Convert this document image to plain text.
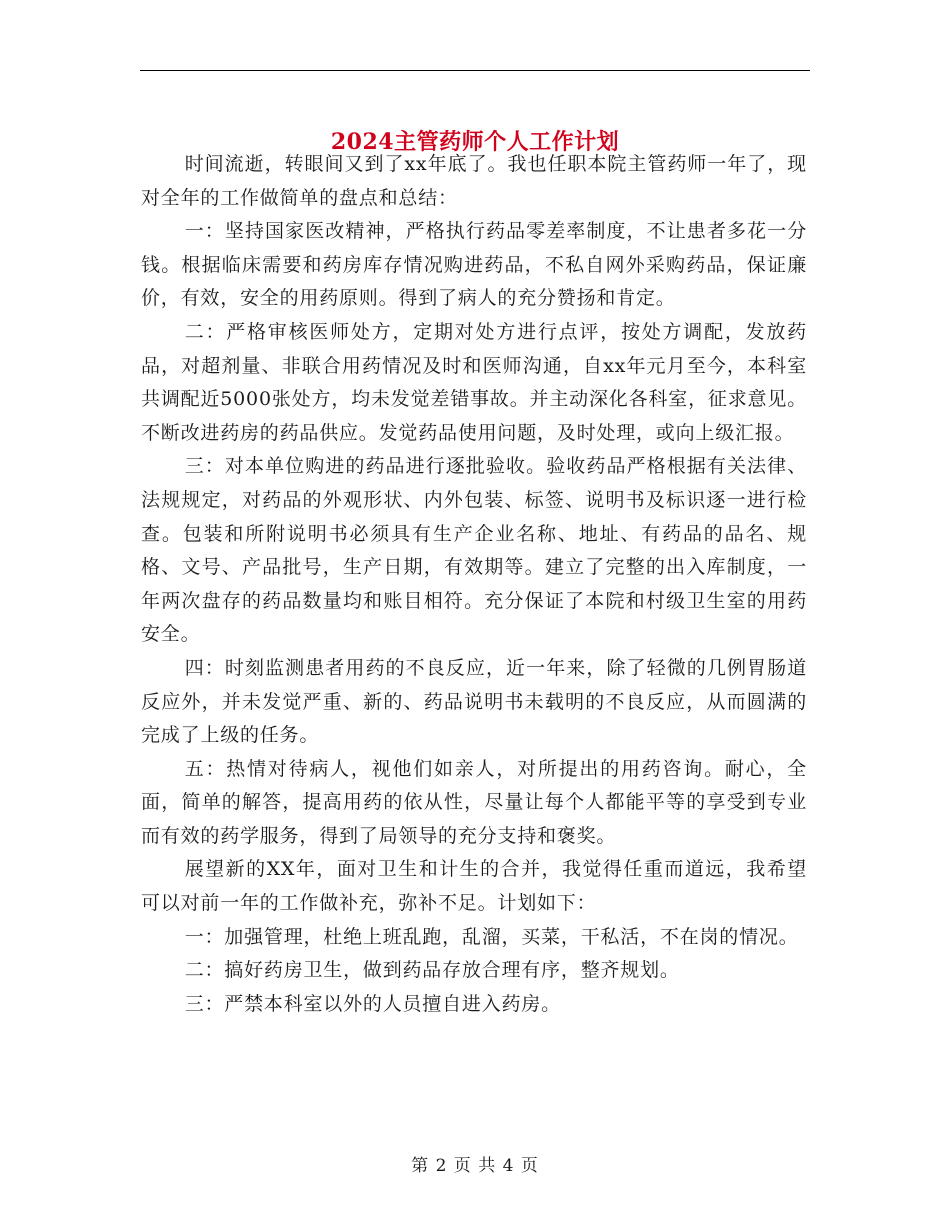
2024主管药师个人工作计划

时间流逝，转眼间又到了xx年底了。我也任职本院主管药师一年了，现对全年的工作做简单的盘点和总结：

一：坚持国家医改精神，严格执行药品零差率制度，不让患者多花一分钱。根据临床需要和药房库存情况购进药品，不私自网外采购药品，保证廉价，有效，安全的用药原则。得到了病人的充分赞扬和肯定。

二：严格审核医师处方，定期对处方进行点评，按处方调配，发放药品，对超剂量、非联合用药情况及时和医师沟通，自xx年元月至今，本科室共调配近5000张处方，均未发觉差错事故。并主动深化各科室，征求意见。不断改进药房的药品供应。发觉药品使用问题，及时处理，或向上级汇报。

三：对本单位购进的药品进行逐批验收。验收药品严格根据有关法律、法规规定，对药品的外观形状、内外包装、标签、说明书及标识逐一进行检查。包装和所附说明书必须具有生产企业名称、地址、有药品的品名、规格、文号、产品批号，生产日期，有效期等。建立了完整的出入库制度，一年两次盘存的药品数量均和账目相符。充分保证了本院和村级卫生室的用药安全。

四：时刻监测患者用药的不良反应，近一年来，除了轻微的几例胃肠道反应外，并未发觉严重、新的、药品说明书未载明的不良反应，从而圆满的完成了上级的任务。

五：热情对待病人，视他们如亲人，对所提出的用药咨询。耐心，全面，简单的解答，提高用药的依从性，尽量让每个人都能平等的享受到专业而有效的药学服务，得到了局领导的充分支持和褒奖。

展望新的XX年，面对卫生和计生的合并，我觉得任重而道远，我希望可以对前一年的工作做补充，弥补不足。计划如下：

一：加强管理，杜绝上班乱跑，乱溜，买菜，干私活，不在岗的情况。

二：搞好药房卫生，做到药品存放合理有序，整齐规划。

三：严禁本科室以外的人员擅自进入药房。

第 2 页 共 4 页
